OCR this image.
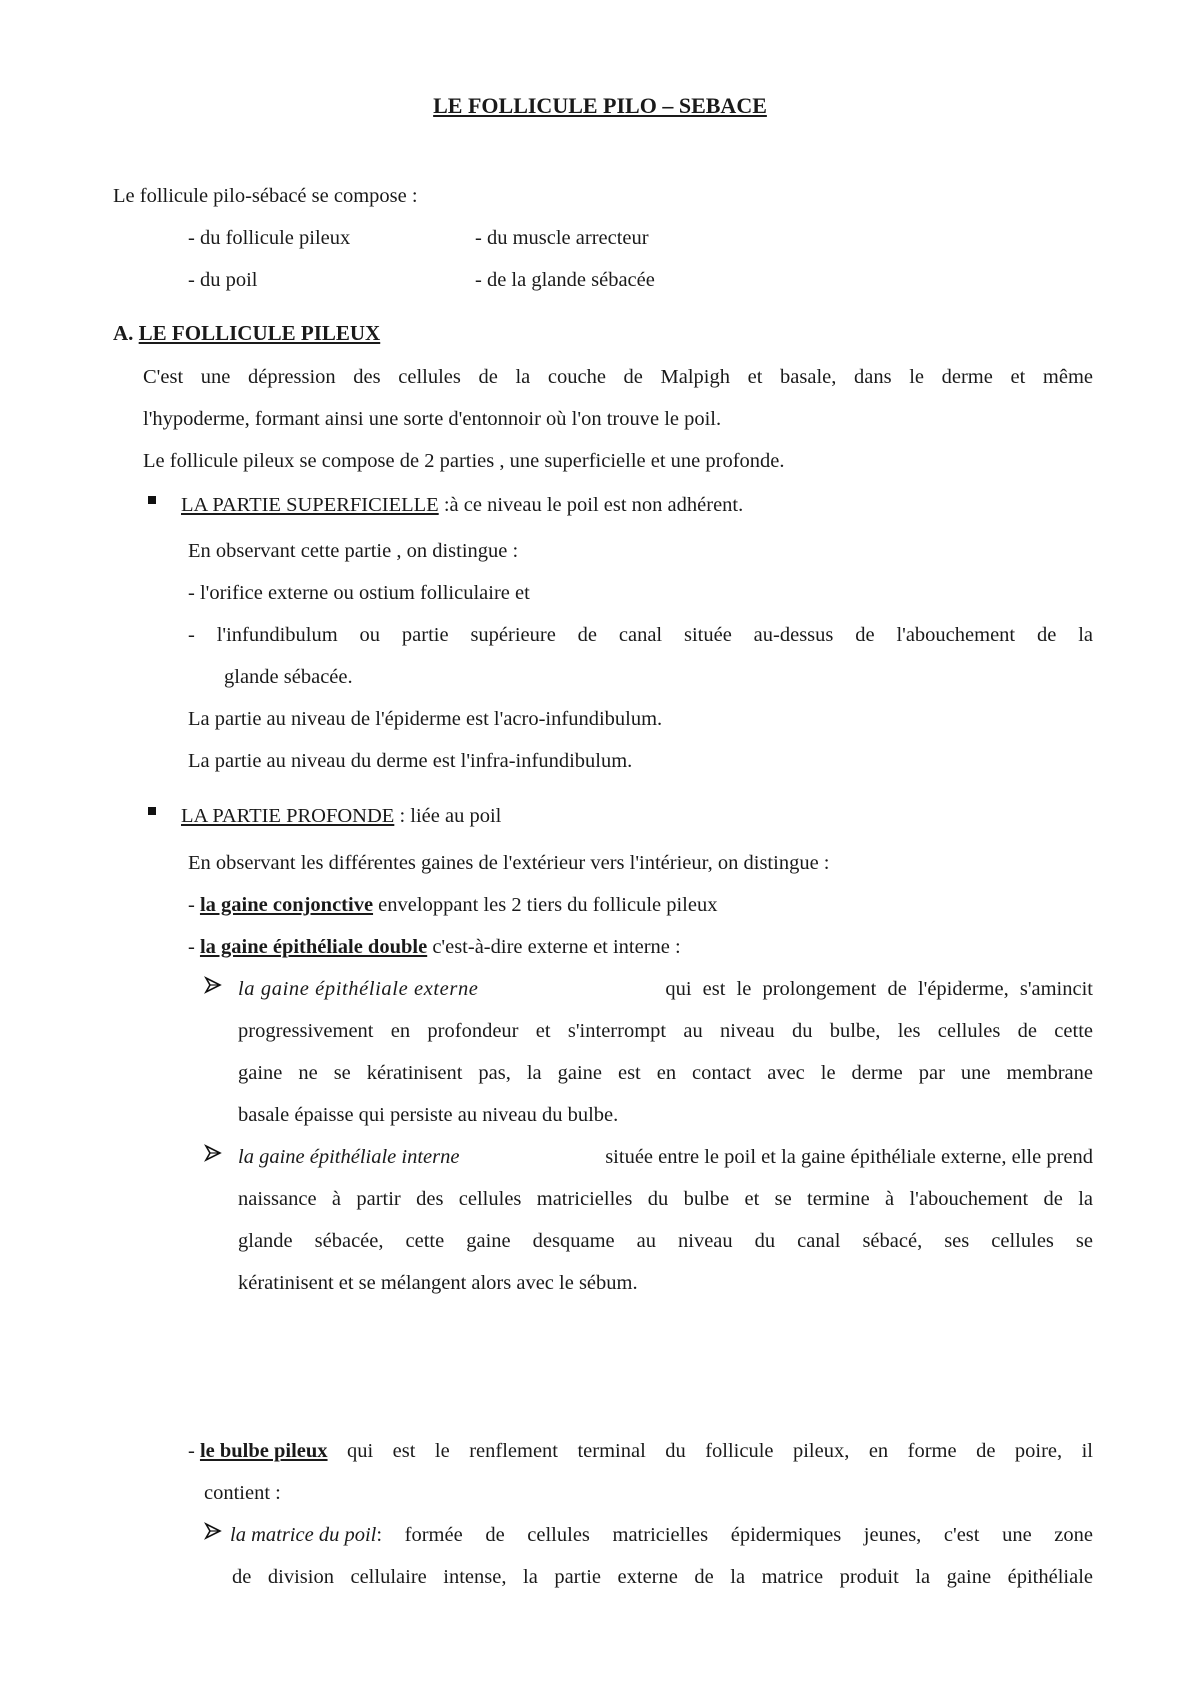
LE FOLLICULE PILO – SEBACE
Le follicule pilo-sébacé se compose :
- du follicule pileux	- du muscle arrecteur
- du poil	- de la glande sébacée
A. LE FOLLICULE PILEUX
C'est une dépression des cellules de la couche de Malpigh et basale, dans le derme et même
l'hypoderme, formant ainsi une sorte d'entonnoir où l'on trouve le poil.
Le follicule pileux se compose de 2 parties , une superficielle et une profonde.
LA PARTIE SUPERFICIELLE :à ce niveau le poil est non adhérent.
En observant cette partie , on distingue :
- l'orifice externe ou ostium folliculaire et
- l'infundibulum ou partie supérieure de canal située au-dessus de l'abouchement de la
glande sébacée.
La partie au niveau de l'épiderme est l'acro-infundibulum.
La partie au niveau du derme est l'infra-infundibulum.
LA PARTIE PROFONDE : liée au poil
En observant les différentes gaines de l'extérieur vers l'intérieur, on distingue :
- la gaine conjonctive enveloppant les 2 tiers du follicule pileux
- la gaine épithéliale double c'est-à-dire externe et interne :
la gaine épithéliale externe	qui est le prolongement de l'épiderme, s'amincit
progressivement en profondeur et s'interrompt au niveau du bulbe, les cellules de cette
gaine ne se kératinisent pas, la gaine est en contact avec le derme par une membrane
basale épaisse qui persiste au niveau du bulbe.
la gaine épithéliale interne	située entre le poil et la gaine épithéliale externe, elle prend
naissance à partir des cellules matricielles du bulbe et se termine à l'abouchement de la
glande sébacée, cette gaine desquame au niveau du canal sébacé, ses cellules se
kératinisent et se mélangent alors avec le sébum.
- le bulbe pileux qui est le renflement terminal du follicule pileux, en forme de poire, il
contient :
la matrice du poil : formée de cellules matricielles épidermiques jeunes, c'est une zone
de division cellulaire intense, la partie externe de la matrice produit la gaine épithéliale
